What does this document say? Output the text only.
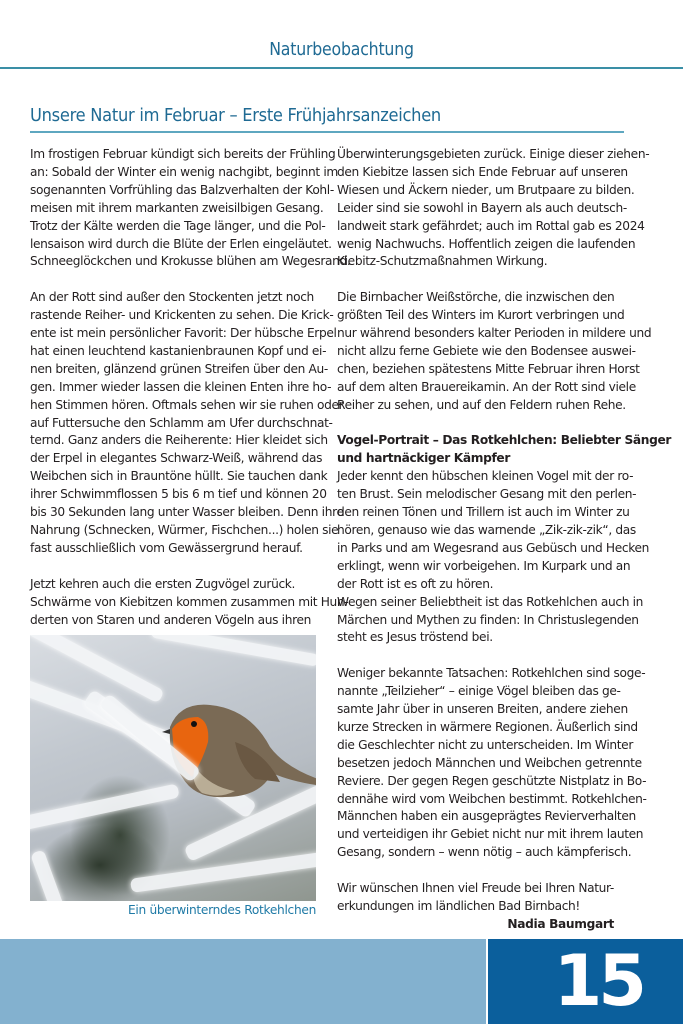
Naturbeobachtung
Unsere Natur im Februar – Erste Frühjahrsanzeichen

Im frostigen Februar kündigt sich bereits der Frühling

an: Sobald der Winter ein wenig nachgibt, beginnt im

sogenannten Vorfrühling das Balzverhalten der Kohl-

meisen mit ihrem markanten zweisilbigen Gesang.

Trotz der Kälte werden die Tage länger, und die Pol-

lensaison wird durch die Blüte der Erlen eingeläutet.

Schneeglöckchen und Krokusse blühen am Wegesrand.

An der Rott sind außer den Stockenten jetzt noch

rastende Reiher- und Krickenten zu sehen. Die Krick-

ente ist mein persönlicher Favorit: Der hübsche Erpel

hat einen leuchtend kastanienbraunen Kopf und ei-

nen breiten, glänzend grünen Streifen über den Au-

gen. Immer wieder lassen die kleinen Enten ihre ho-

hen Stimmen hören. Oftmals sehen wir sie ruhen oder

auf Futtersuche den Schlamm am Ufer durchschnat-

ternd. Ganz anders die Reiherente: Hier kleidet sich

der Erpel in elegantes Schwarz-Weiß, während das

Weibchen sich in Brauntöne hüllt. Sie tauchen dank

ihrer Schwimmflossen 5 bis 6 m tief und können 20

bis 30 Sekunden lang unter Wasser bleiben. Denn ihre

Nahrung (Schnecken, Würmer, Fischchen...) holen sie

fast ausschließlich vom Gewässergrund herauf.

Jetzt kehren auch die ersten Zugvögel zurück.

Schwärme von Kiebitzen kommen zusammen mit Hun-

derten von Staren und anderen Vögeln aus ihren

Ein überwinterndes Rotkehlchen

Überwinterungsgebieten zurück. Einige dieser ziehen-

den Kiebitze lassen sich Ende Februar auf unseren

Wiesen und Äckern nieder, um Brutpaare zu bilden.

Leider sind sie sowohl in Bayern als auch deutsch-

landweit stark gefährdet; auch im Rottal gab es 2024

wenig Nachwuchs. Hoffentlich zeigen die laufenden

Kiebitz-Schutzmaßnahmen Wirkung.

Die Birnbacher Weißstörche, die inzwischen den

größten Teil des Winters im Kurort verbringen und

nur während besonders kalter Perioden in mildere und

nicht allzu ferne Gebiete wie den Bodensee auswei-

chen, beziehen spätestens Mitte Februar ihren Horst

auf dem alten Brauereikamin. An der Rott sind viele

Reiher zu sehen, und auf den Feldern ruhen Rehe.

Vogel-Portrait – Das Rotkehlchen: Beliebter Sänger

und hartnäckiger Kämpfer

Jeder kennt den hübschen kleinen Vogel mit der ro-

ten Brust. Sein melodischer Gesang mit den perlen-

den reinen Tönen und Trillern ist auch im Winter zu

hören, genauso wie das warnende „Zik-zik-zik“, das

in Parks und am Wegesrand aus Gebüsch und Hecken

erklingt, wenn wir vorbeigehen. Im Kurpark und an

der Rott ist es oft zu hören.

Wegen seiner Beliebtheit ist das Rotkehlchen auch in

Märchen und Mythen zu finden: In Christuslegenden

steht es Jesus tröstend bei.

Weniger bekannte Tatsachen: Rotkehlchen sind soge-

nannte „Teilzieher“ – einige Vögel bleiben das ge-

samte Jahr über in unseren Breiten, andere ziehen

kurze Strecken in wärmere Regionen. Äußerlich sind

die Geschlechter nicht zu unterscheiden. Im Winter

besetzen jedoch Männchen und Weibchen getrennte

Reviere. Der gegen Regen geschützte Nistplatz in Bo-

dennähe wird vom Weibchen bestimmt. Rotkehlchen-

Männchen haben ein ausgeprägtes Revierverhalten

und verteidigen ihr Gebiet nicht nur mit ihrem lauten

Gesang, sondern – wenn nötig – auch kämpferisch.

Wir wünschen Ihnen viel Freude bei Ihren Natur-

erkundungen im ländlichen Bad Birnbach!

Nadia Baumgart

15
